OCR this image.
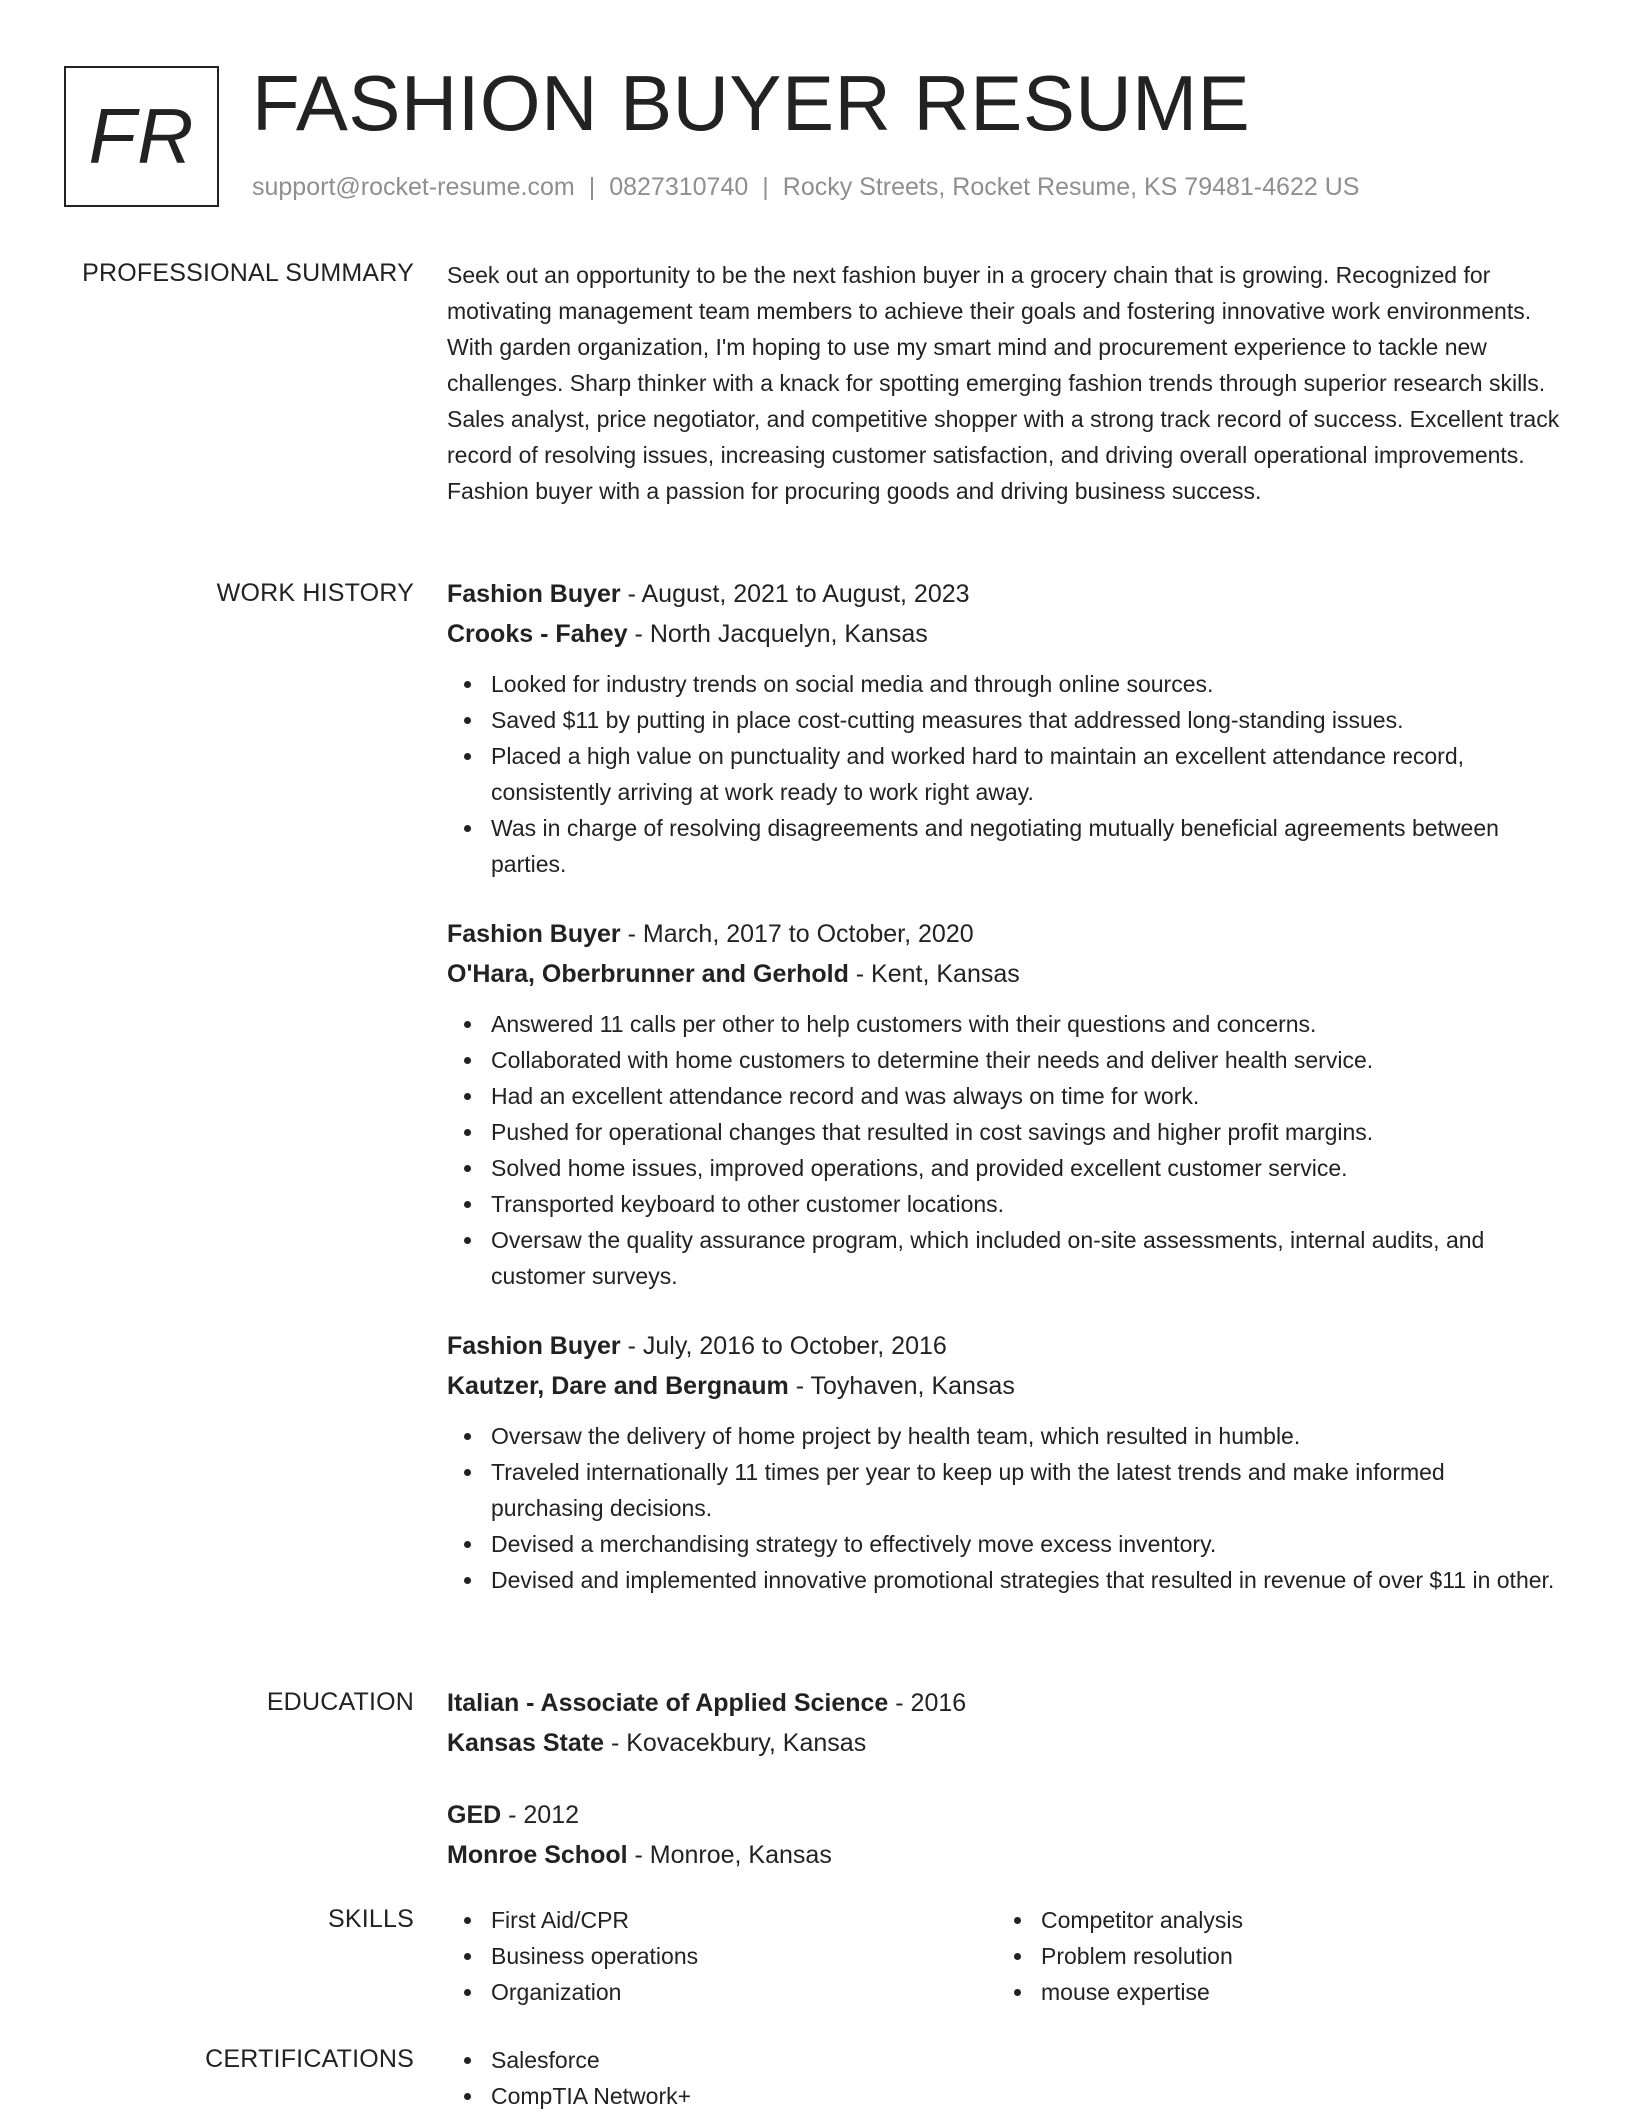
FR FASHION BUYER RESUME
support@rocket-resume.com | 0827310740 | Rocky Streets, Rocket Resume, KS 79481-4622 US
PROFESSIONAL SUMMARY Seek out an opportunity to be the next fashion buyer in a grocery chain that is growing. Recognized for motivating management team members to achieve their goals and fostering innovative work environments. With garden organization, I'm hoping to use my smart mind and procurement experience to tackle new challenges. Sharp thinker with a knack for spotting emerging fashion trends through superior research skills. Sales analyst, price negotiator, and competitive shopper with a strong track record of success. Excellent track record of resolving issues, increasing customer satisfaction, and driving overall operational improvements. Fashion buyer with a passion for procuring goods and driving business success.

WORK HISTORY Fashion Buyer - August, 2021 to August, 2023
Crooks - Fahey - North Jacquelyn, Kansas
Looked for industry trends on social media and through online sources.
Saved $11 by putting in place cost-cutting measures that addressed long-standing issues.
Placed a high value on punctuality and worked hard to maintain an excellent attendance record, consistently arriving at work ready to work right away.
Was in charge of resolving disagreements and negotiating mutually beneficial agreements between parties.
Fashion Buyer - March, 2017 to October, 2020
O'Hara, Oberbrunner and Gerhold - Kent, Kansas
Answered 11 calls per other to help customers with their questions and concerns.
Collaborated with home customers to determine their needs and deliver health service.
Had an excellent attendance record and was always on time for work.
Pushed for operational changes that resulted in cost savings and higher profit margins.
Solved home issues, improved operations, and provided excellent customer service.
Transported keyboard to other customer locations.
Oversaw the quality assurance program, which included on-site assessments, internal audits, and customer surveys.
Fashion Buyer - July, 2016 to October, 2016
Kautzer, Dare and Bergnaum - Toyhaven, Kansas
Oversaw the delivery of home project by health team, which resulted in humble.
Traveled internationally 11 times per year to keep up with the latest trends and make informed purchasing decisions.
Devised a merchandising strategy to effectively move excess inventory.
Devised and implemented innovative promotional strategies that resulted in revenue of over $11 in other.
EDUCATION Italian - Associate of Applied Science - 2016
Kansas State - Kovacekbury, Kansas
GED - 2012
Monroe School - Monroe, Kansas
SKILLS	First Aid/CPR
Business operations
Organization
Competitor analysis
Problem resolution
mouse expertise
CERTIFICATIONS	Salesforce
CompTIA Network+
